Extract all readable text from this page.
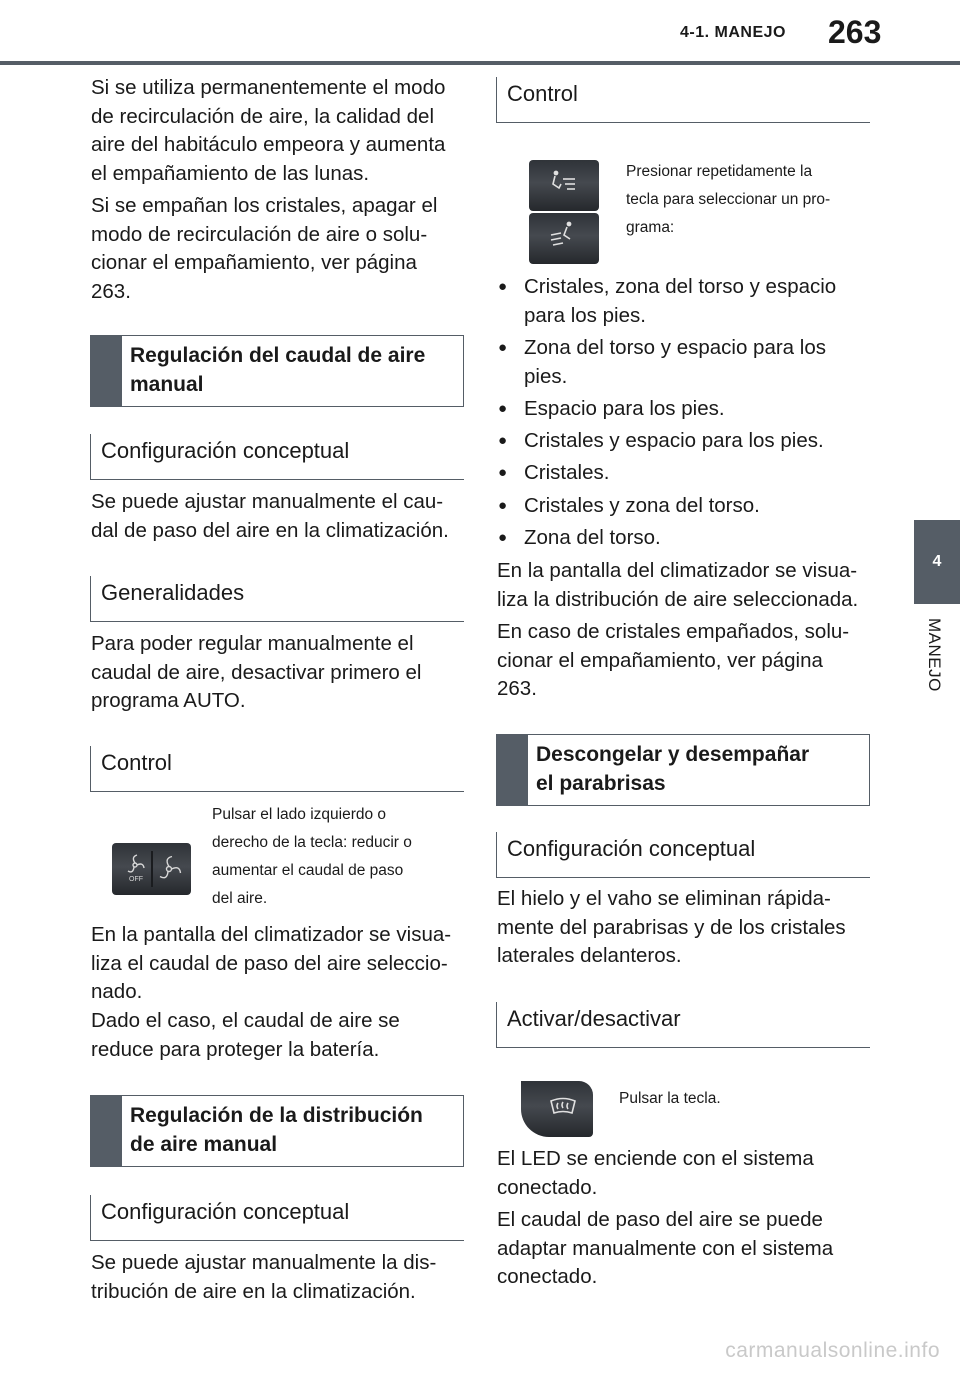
4-1. MANEJO 263
4
MANEJO
Si se utiliza permanentemente el modo
de recirculación de aire, la calidad del
aire del habitáculo empeora y aumenta
el empañamiento de las lunas.
Si se empañan los cristales, apagar el
modo de recirculación de aire o solu-
cionar el empañamiento, ver página
263.
Regulación del caudal de aire
manual
Configuración conceptual
Se puede ajustar manualmente el cau-
dal de paso del aire en la climatización.
Generalidades
Para poder regular manualmente el
caudal de aire, desactivar primero el
programa AUTO.
Control
OFF
Pulsar el lado izquierdo o
derecho de la tecla: reducir o
aumentar el caudal de paso
del aire.
En la pantalla del climatizador se visua-
liza el caudal de paso del aire seleccio-
nado.
Dado el caso, el caudal de aire se
reduce para proteger la batería.
Regulación de la distribución
de aire manual
Configuración conceptual
Se puede ajustar manualmente la dis-
tribución de aire en la climatización.
Control
Presionar repetidamente la
tecla para seleccionar un pro-
grama:
● Cristales, zona del torso y espacio
para los pies.
● Zona del torso y espacio para los
pies.
● Espacio para los pies.
● Cristales y espacio para los pies.
● Cristales.
● Cristales y zona del torso.
● Zona del torso.
En la pantalla del climatizador se visua-
liza la distribución de aire seleccionada.
En caso de cristales empañados, solu-
cionar el empañamiento, ver página
263.
Descongelar y desempañar
el parabrisas
Configuración conceptual
El hielo y el vaho se eliminan rápida-
mente del parabrisas y de los cristales
laterales delanteros.
Activar/desactivar
Pulsar la tecla.
El LED se enciende con el sistema
conectado.
El caudal de paso del aire se puede
adaptar manualmente con el sistema
conectado.
carmanualsonline.info
